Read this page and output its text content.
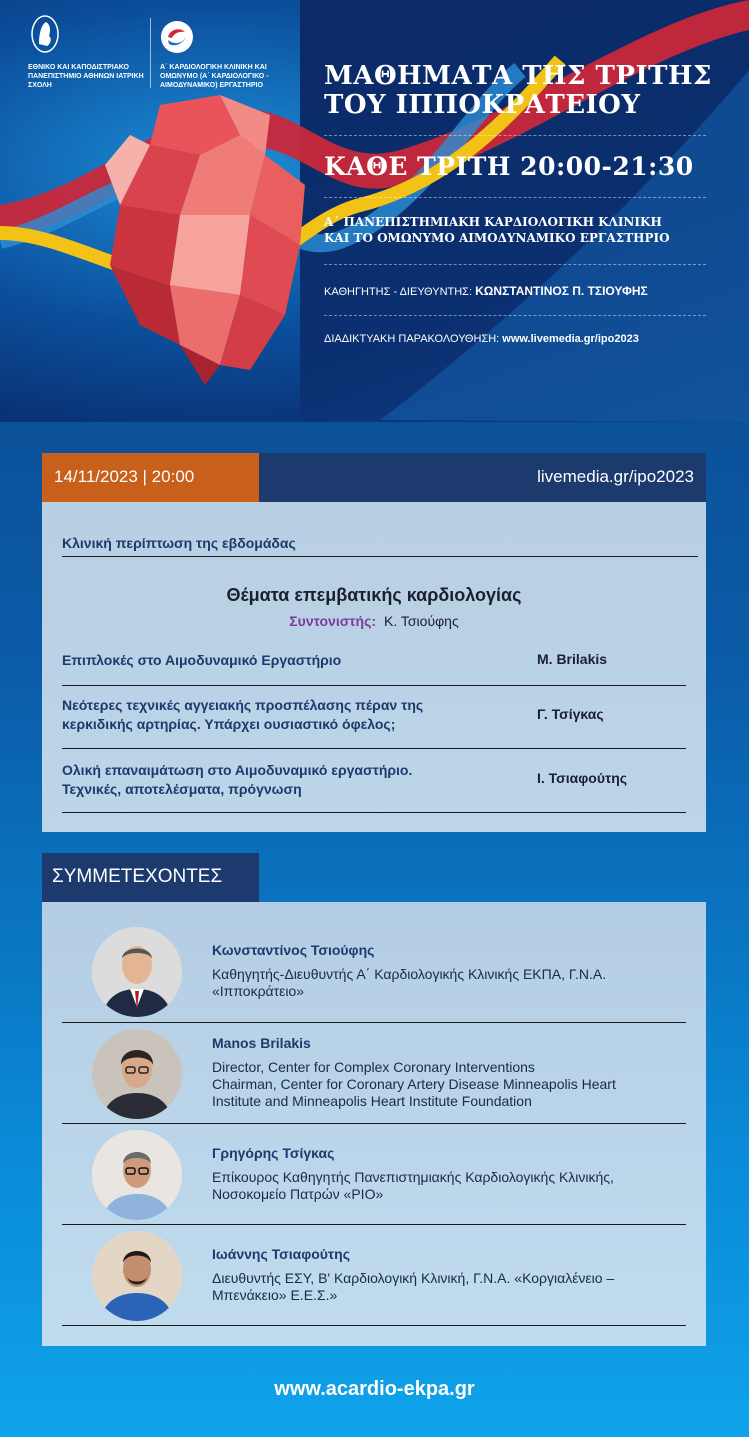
ΕΘΝΙΚΟ ΚΑΙ ΚΑΠΟΔΙΣΤΡΙΑΚΟ ΠΑΝΕΠΙΣΤΗΜΙΟ ΑΘΗΝΩΝ ΙΑΤΡΙΚΗ ΣΧΟΛΗ
Α΄ ΚΑΡΔΙΟΛΟΓΙΚΗ ΚΛΙΝΙΚΗ ΚΑΙ ΟΜΩΝΥΜΟ (Α΄ ΚΑΡΔΙΟΛΟΓΙΚΟ - ΑΙΜΟΔΥΝΑΜΙΚΟ) ΕΡΓΑΣΤΗΡΙΟ	ΜΑΘΗΜΑΤΑ ΤΗΣ ΤΡΙΤΗΣ
ΤΟΥ ΙΠΠΟΚΡΑΤΕΙΟΥ
ΚΑΘΕ ΤΡΙΤΗ 20:00-21:30
Α΄ ΠΑΝΕΠΙΣΤΗΜΙΑΚΗ ΚΑΡΔΙΟΛΟΓΙΚΗ ΚΛΙΝΙΚΗ
ΚΑΙ ΤΟ ΟΜΩΝΥΜΟ ΑΙΜΟΔΥΝΑΜΙΚΟ ΕΡΓΑΣΤΗΡΙΟ
ΚΑΘΗΓΗΤΗΣ - ΔΙΕΥΘΥΝΤΗΣ: ΚΩΝΣΤΑΝΤΙΝΟΣ Π. ΤΣΙΟΥΦΗΣ
ΔΙΑΔΙΚΤΥΑΚΗ ΠΑΡΑΚΟΛΟΥΘΗΣΗ: www.livemedia.gr/ipo2023
14/11/2023 | 20:00	livemedia.gr/ipo2023
Κλινική περίπτωση της εβδομάδας
Θέματα επεμβατικής καρδιολογίας
Συντονιστής: Κ. Τσιούφης
Επιπλοκές στο Αιμοδυναμικό Εργαστήριο	M. Brilakis
Νεότερες τεχνικές αγγειακής προσπέλασης πέραν της
κερκιδικής αρτηρίας. Υπάρχει ουσιαστικό όφελος;
Γ. Τσίγκας
Ολική επαναιμάτωση στο Αιμοδυναμικό εργαστήριο.
Τεχνικές, αποτελέσματα, πρόγνωση
Ι. Τσιαφούτης
ΣΥΜΜΕΤΕΧΟΝΤΕΣ
Κωνσταντίνος Τσιούφης
Καθηγητής-Διευθυντής Α΄ Καρδιολογικής Κλινικής ΕΚΠΑ, Γ.Ν.Α.
«Ιπποκράτειο»
Manos Brilakis
Director, Center for Complex Coronary Interventions
Chairman, Center for Coronary Artery Disease Minneapolis Heart
Institute and Minneapolis Heart Institute Foundation
Γρηγόρης Τσίγκας
Επίκουρος Καθηγητής Πανεπιστημιακής Καρδιολογικής Κλινικής,
Νοσοκομείο Πατρών «ΡΙΟ»
Ιωάννης Τσιαφούτης
Διευθυντής ΕΣΥ, Β' Καρδιολογική Κλινική, Γ.Ν.Α. «Κοργιαλένειο –
Μπενάκειο» Ε.Ε.Σ.»
www.acardio-ekpa.gr
